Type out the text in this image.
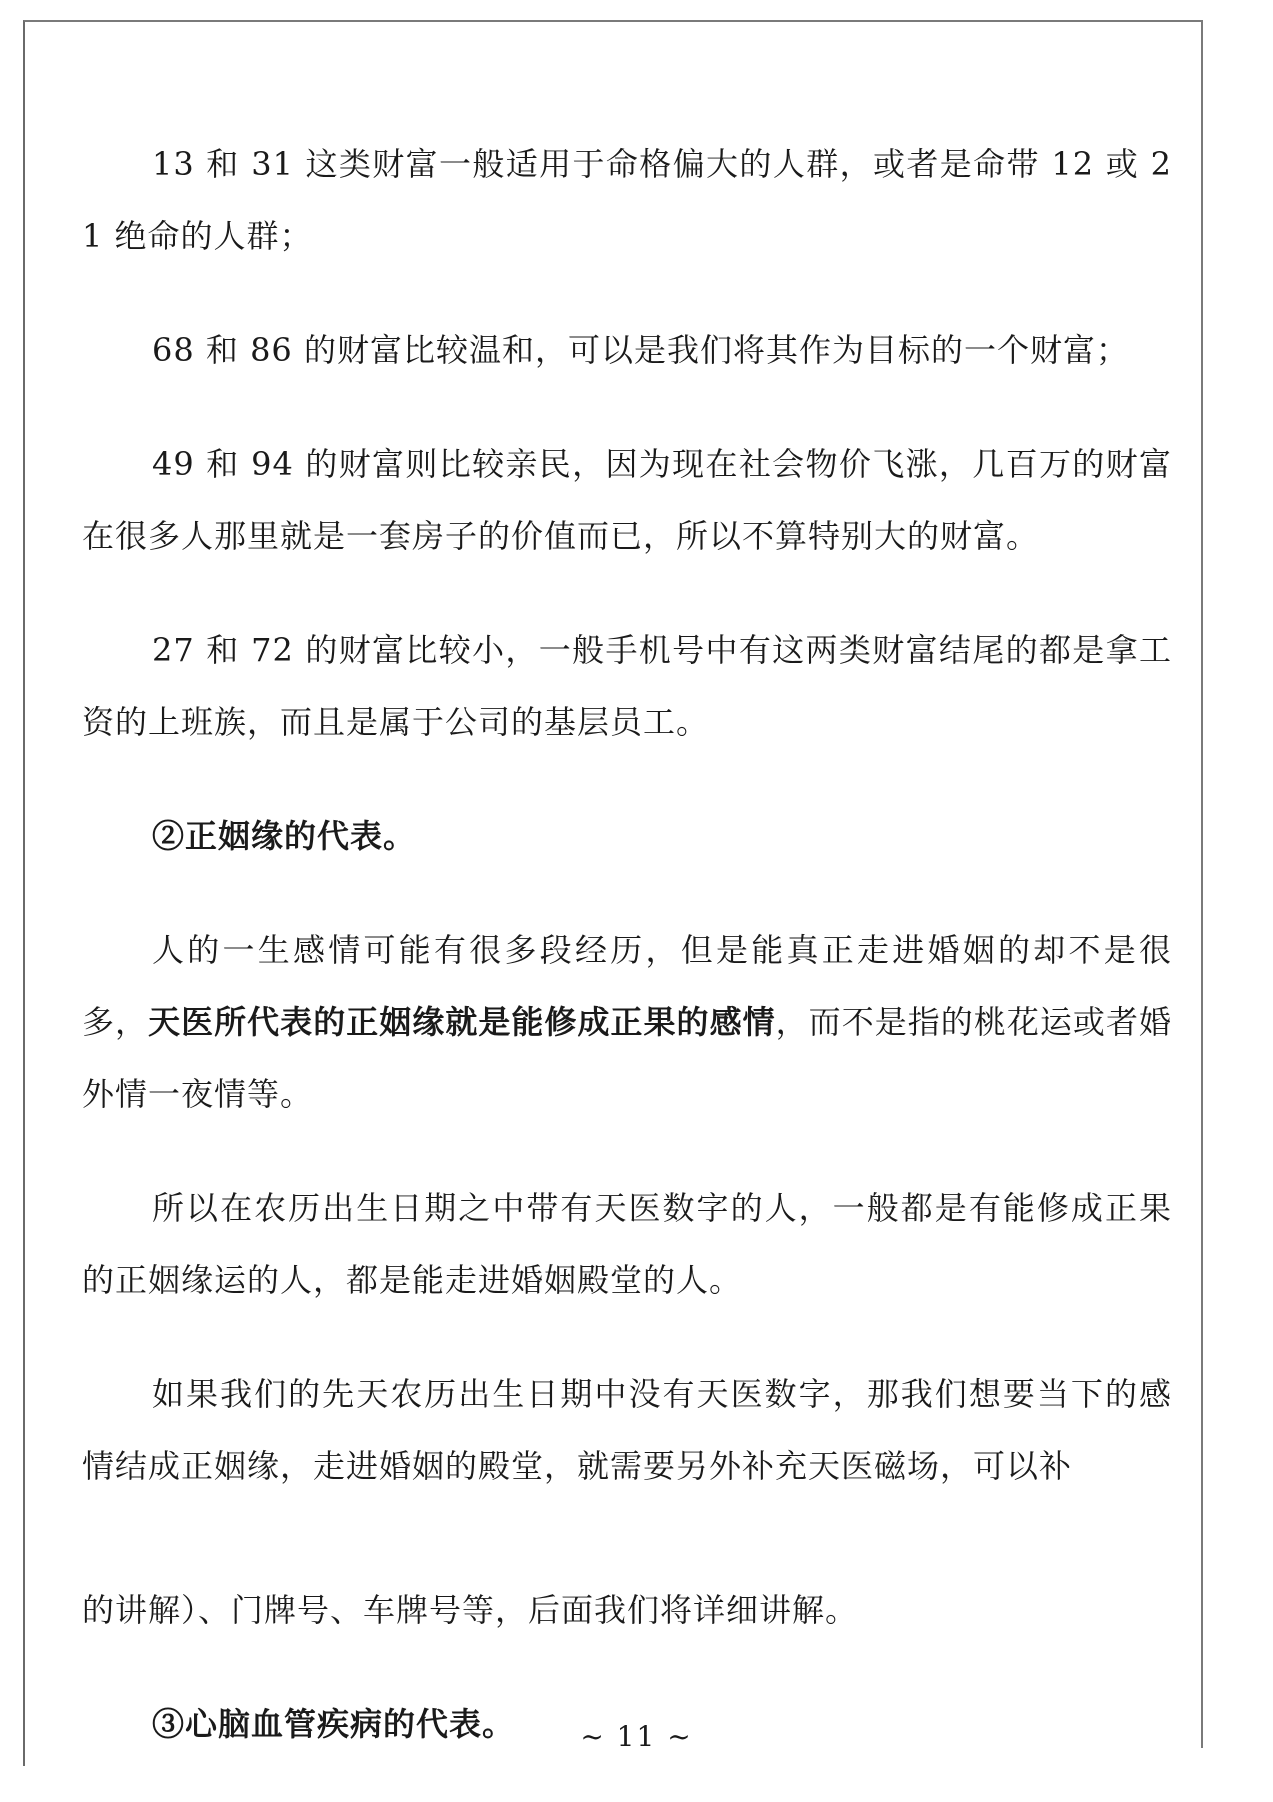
13 和 31 这类财富一般适用于命格偏大的人群，或者是命带 12 或 21 绝命的人群；

68 和 86 的财富比较温和，可以是我们将其作为目标的一个财富；

49 和 94 的财富则比较亲民，因为现在社会物价飞涨，几百万的财富在很多人那里就是一套房子的价值而已，所以不算特别大的财富。

27 和 72 的财富比较小，一般手机号中有这两类财富结尾的都是拿工资的上班族，而且是属于公司的基层员工。

②正姻缘的代表。

人的一生感情可能有很多段经历，但是能真正走进婚姻的却不是很多，天医所代表的正姻缘就是能修成正果的感情，而不是指的桃花运或者婚外情一夜情等。

所以在农历出生日期之中带有天医数字的人，一般都是有能修成正果的正姻缘运的人，都是能走进婚姻殿堂的人。

如果我们的先天农历出生日期中没有天医数字，那我们想要当下的感情结成正姻缘，走进婚姻的殿堂，就需要另外补充天医磁场，可以补

的讲解）、门牌号、车牌号等，后面我们将详细讲解。

③心脑血管疾病的代表。	~ 11 ~
